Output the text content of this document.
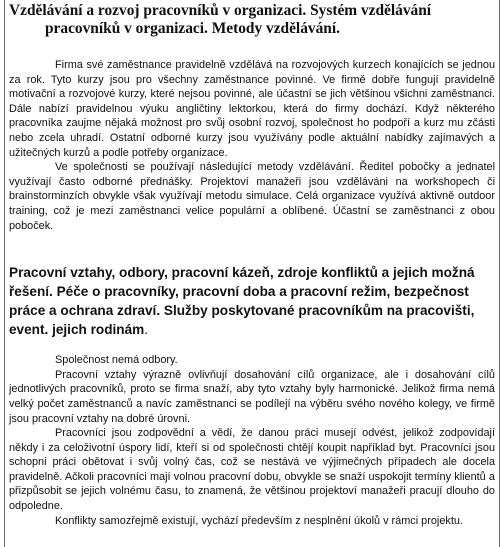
Vzdělávání a rozvoj pracovníků v organizaci. Systém vzdělávání pracovníků v organizaci. Metody vzdělávání.

Firma své zaměstnance pravidelně vzdělává na rozvojových kurzech konajících se jednou za rok. Tyto kurzy jsou pro všechny zaměstnance povinné. Ve firmě dobře fungují pravidelně motivační a rozvojové kurzy, které nejsou povinné, ale účastní se jich většinou všichni zaměstnanci. Dále nabízí pravidelnou výuku angličtiny lektorkou, která do firmy dochází. Když některého pracovníka zaujme nějaká možnost pro svůj osobní rozvoj, společnost ho podpoří a kurz mu zčásti nebo zcela uhradí. Ostatní odborné kurzy jsou využívány podle aktuální nabídky zajímavých a užitečných kurzů a podle potřeby organizace.

Ve společnosti se používají následující metody vzdělávání. Ředitel pobočky a jednatel využívají často odborné přednášky. Projektoví manažeři jsou vzděláváni na workshopech či brainstorminzích obvykle však využívají metodu simulace. Celá organizace využívá aktivně outdoor training, což je mezi zaměstnanci velice populární a oblíbené. Účastní se zaměstnanci z obou poboček.

Pracovní vztahy, odbory, pracovní kázeň, zdroje konfliktů a jejich možná řešení. Péče o pracovníky, pracovní doba a pracovní režim, bezpečnost práce a ochrana zdraví. Služby poskytované pracovníkům na pracovišti, event. jejich rodinám.

Společnost nemá odbory.

Pracovní vztahy výrazně ovlivňují dosahování cílů organizace, ale i dosahování cílů jednotlivých pracovníků, proto se firma snaží, aby tyto vztahy byly harmonické. Jelikož firma nemá velký počet zaměstnanců a navíc zaměstnanci se podílejí na výběru svého nového kolegy, ve firmě jsou pracovní vztahy na dobré úrovni.

Pracovníci jsou zodpovědní a vědí, že danou práci musejí odvést, jelikož zodpovídají někdy i za celoživotní úspory lidí, kteří si od společnosti chtějí koupit například byt. Pracovníci jsou schopni práci obětovat i svůj volný čas, což se nestává ve výjimečných případech ale docela pravidelně. Ačkoli pracovníci mají volnou pracovní dobu, obvykle se snaží uspokojit termíny klientů a přizpůsobit se jejich volnému času, to znamená, že většinou projektoví manažeři pracují dlouho do odpoledne.

Konflikty samozřejmě existují, vychází především z nesplnění úkolů v rámci projektu.
